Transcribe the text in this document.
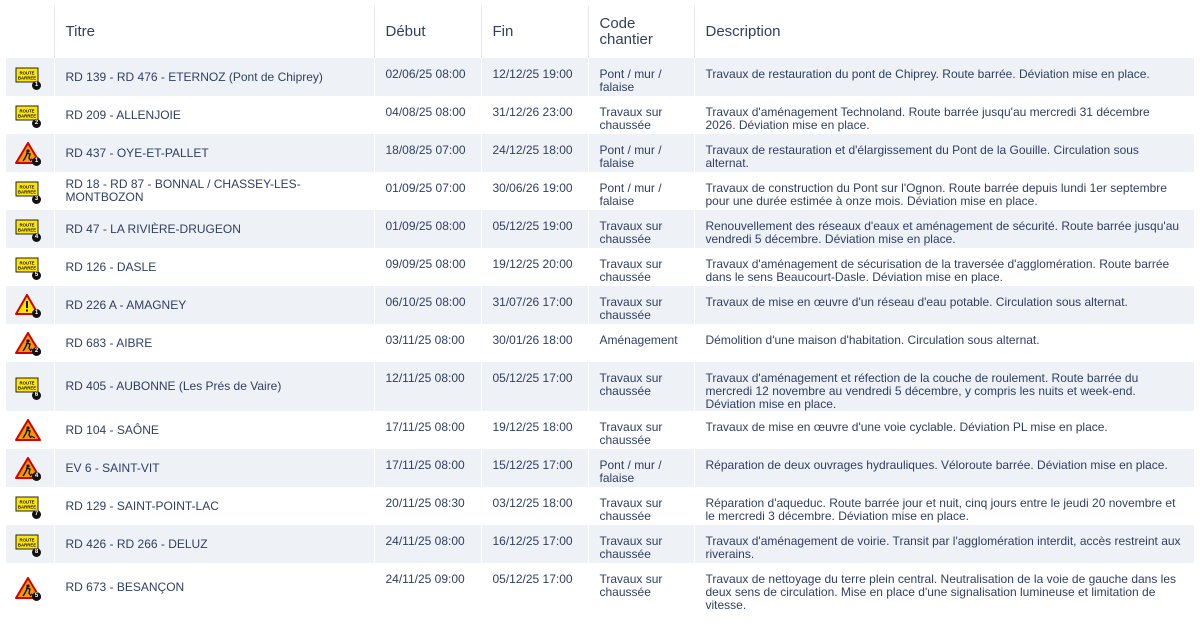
	Titre	Début	Fin	Code chantier	Description

ROUTE
BARREE
1	RD 139 - RD 476 - ETERNOZ (Pont de Chiprey)	02/06/25 08:00	12/12/25 19:00	Pont / mur / falaise	Travaux de restauration du pont de Chiprey. Route barrée. Déviation mise en place.

ROUTE
BARREE
2	RD 209 - ALLENJOIE	04/08/25 08:00	31/12/26 23:00	Travaux sur chaussée	Travaux d'aménagement Technoland. Route barrée jusqu'au mercredi 31 décembre 2026. Déviation mise en place.

1	RD 437 - OYE-ET-PALLET	18/08/25 07:00	24/12/25 18:00	Pont / mur / falaise	Travaux de restauration et d'élargissement du Pont de la Gouille. Circulation sous alternat.

ROUTE
BARREE
3	RD 18 - RD 87 - BONNAL / CHASSEY-LES-MONTBOZON	01/09/25 07:00	30/06/26 19:00	Pont / mur / falaise	Travaux de construction du Pont sur l'Ognon. Route barrée depuis lundi 1er septembre pour une durée estimée à onze mois. Déviation mise en place.

ROUTE
BARREE
4	RD 47 - LA RIVIÈRE-DRUGEON	01/09/25 08:00	05/12/25 19:00	Travaux sur chaussée	Renouvellement des réseaux d'eaux et aménagement de sécurité. Route barrée jusqu'au vendredi 5 décembre. Déviation mise en place.

ROUTE
BARREE
5	RD 126 - DASLE	09/09/25 08:00	19/12/25 20:00	Travaux sur chaussée	Travaux d'aménagement de sécurisation de la traversée d'agglomération. Route barrée dans le sens Beaucourt-Dasle. Déviation mise en place.

1	RD 226 A - AMAGNEY	06/10/25 08:00	31/07/26 17:00	Travaux sur chaussée	Travaux de mise en œuvre d'un réseau d'eau potable. Circulation sous alternat.

2	RD 683 - AIBRE	03/11/25 08:00	30/01/26 18:00	Aménagement	Démolition d'une maison d'habitation. Circulation sous alternat.

ROUTE
BARREE
6	RD 405 - AUBONNE (Les Prés de Vaire)	12/11/25 08:00	05/12/25 17:00	Travaux sur chaussée	Travaux d'aménagement et réfection de la couche de roulement. Route barrée du mercredi 12 novembre au vendredi 5 décembre, y compris les nuits et week-end. Déviation mise en place.

	RD 104 - SAÔNE	17/11/25 08:00	19/12/25 18:00	Travaux sur chaussée	Travaux de mise en œuvre d'une voie cyclable. Déviation PL mise en place.

4	EV 6 - SAINT-VIT	17/11/25 08:00	15/12/25 17:00	Pont / mur / falaise	Réparation de deux ouvrages hydrauliques. Véloroute barrée. Déviation mise en place.

ROUTE
BARREE
7	RD 129 - SAINT-POINT-LAC	20/11/25 08:30	03/12/25 18:00	Travaux sur chaussée	Réparation d'aqueduc. Route barrée jour et nuit, cinq jours entre le jeudi 20 novembre et le mercredi 3 décembre. Déviation mise en place.

ROUTE
BARREE
8	RD 426 - RD 266 - DELUZ	24/11/25 08:00	16/12/25 17:00	Travaux sur chaussée	Travaux d'aménagement de voirie. Transit par l'agglomération interdit, accès restreint aux riverains.

5	RD 673 - BESANÇON	24/11/25 09:00	05/12/25 17:00	Travaux sur chaussée	Travaux de nettoyage du terre plein central. Neutralisation de la voie de gauche dans les deux sens de circulation. Mise en place d'une signalisation lumineuse et limitation de vitesse.
